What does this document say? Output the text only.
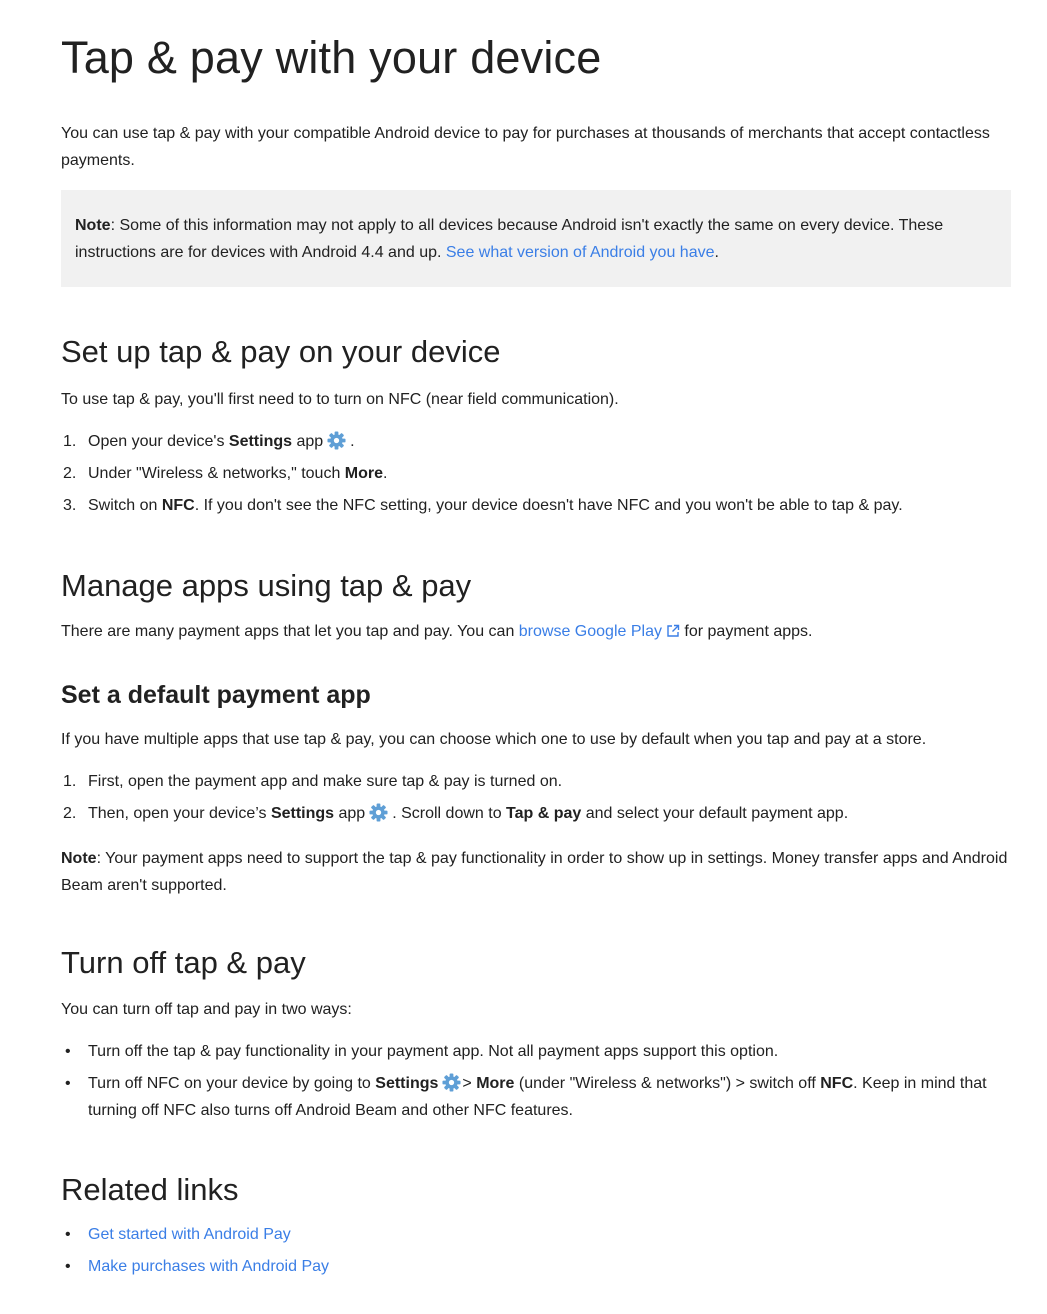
Tap & pay with your device

You can use tap & pay with your compatible Android device to pay for purchases at thousands of merchants that accept contactless payments.

Note: Some of this information may not apply to all devices because Android isn't exactly the same on every device. These instructions are for devices with Android 4.4 and up. See what version of Android you have.

Set up tap & pay on your device

To use tap & pay, you'll first need to to turn on NFC (near field communication).

1. Open your device's Settings app .
2. Under "Wireless & networks," touch More.
3. Switch on NFC. If you don't see the NFC setting, your device doesn't have NFC and you won't be able to tap & pay.
Manage apps using tap & pay

There are many payment apps that let you tap and pay. You can browse Google Play for payment apps.

Set a default payment app

If you have multiple apps that use tap & pay, you can choose which one to use by default when you tap and pay at a store.

1. First, open the payment app and make sure tap & pay is turned on.
2. Then, open your device’s Settings app . Scroll down to Tap & pay and select your default payment app.

Note: Your payment apps need to support the tap & pay functionality in order to show up in settings. Money transfer apps and Android Beam aren't supported.

Turn off tap & pay

You can turn off tap and pay in two ways:

• Turn off the tap & pay functionality in your payment app. Not all payment apps support this option.
• Turn off NFC on your device by going to Settings > More (under "Wireless & networks") > switch off NFC. Keep in mind that turning off NFC also turns off Android Beam and other NFC features.
Related links
• Get started with Android Pay
• Make purchases with Android Pay
